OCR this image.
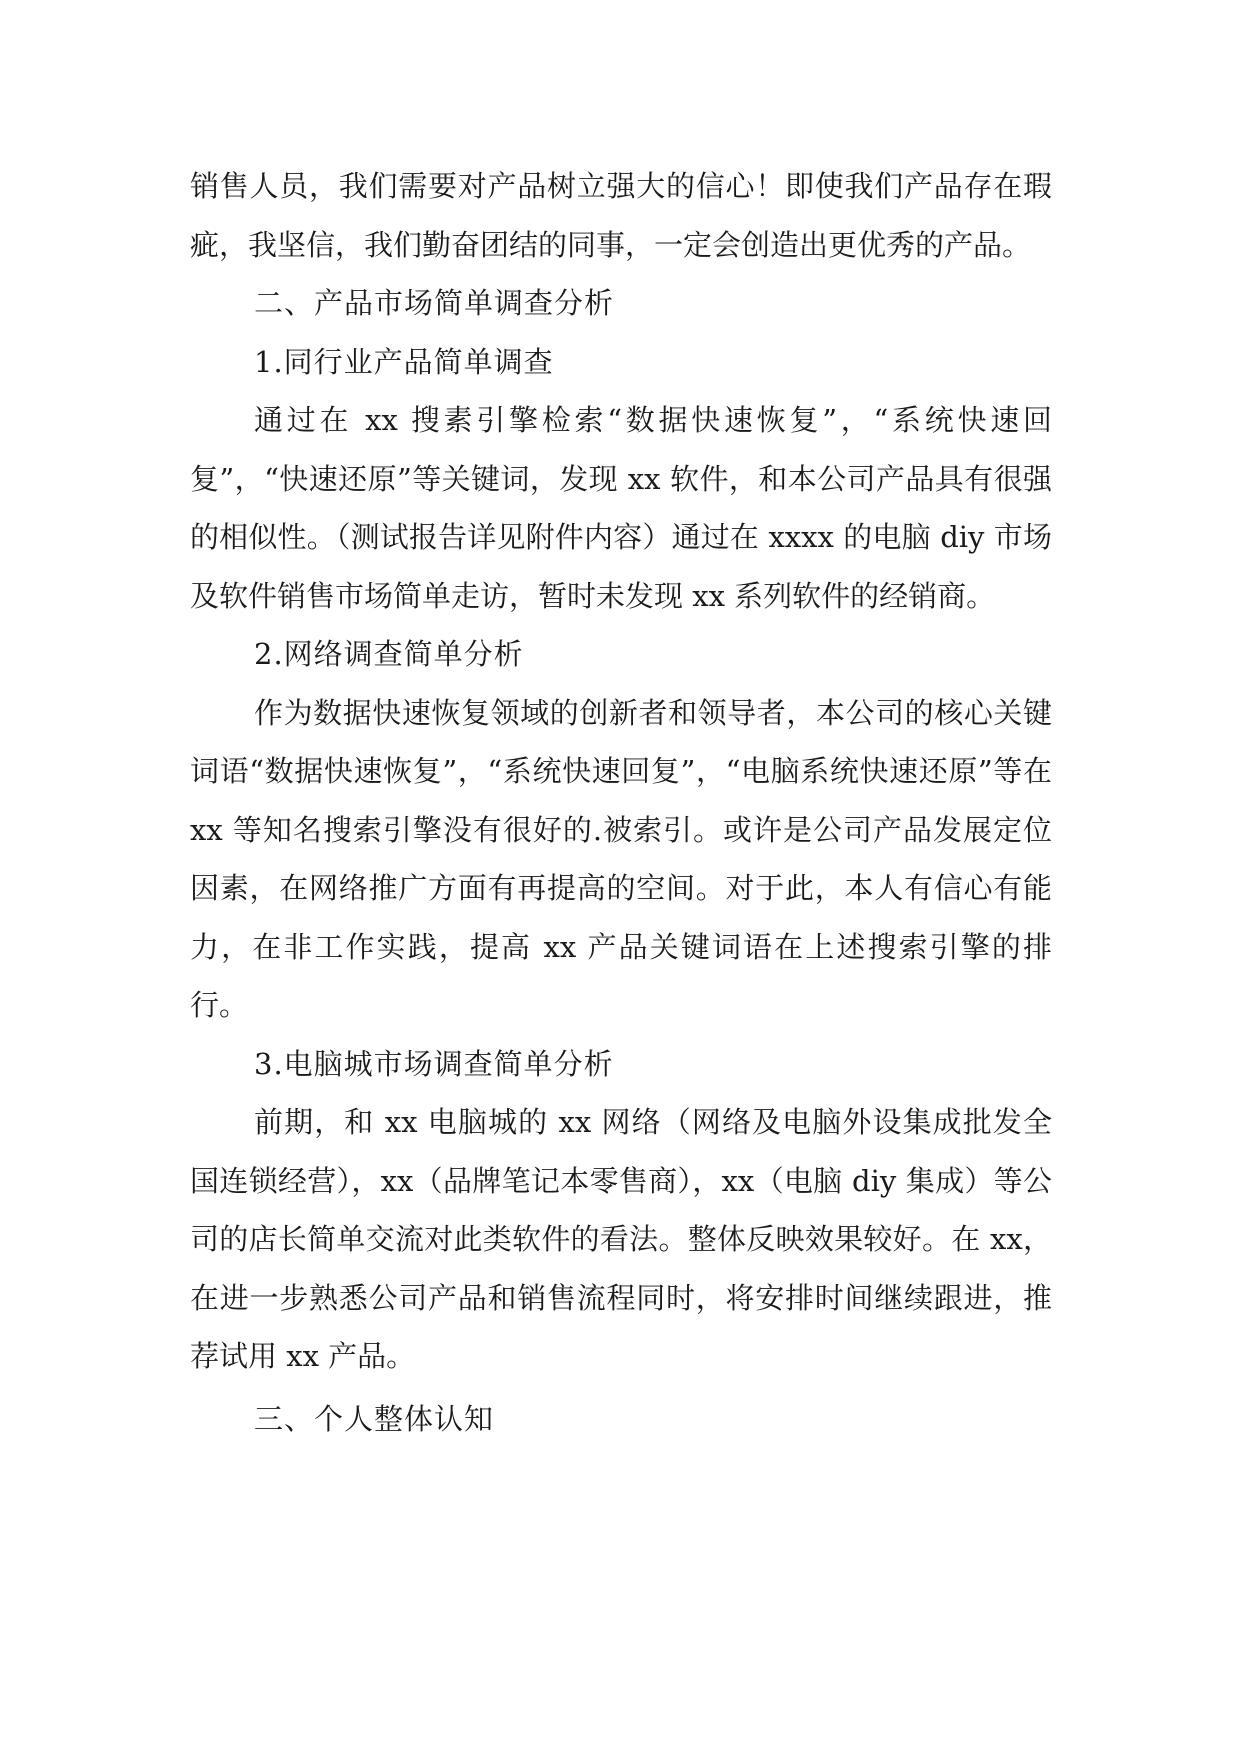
销售人员，我们需要对产品树立强大的信心！即使我们产品存在瑕疵，我坚信，我们勤奋团结的同事，一定会创造出更优秀的产品。

二、产品市场简单调查分析

1.同行业产品简单调查

通过在 xx 搜素引擎检索“数据快速恢复”，“系统快速回复”，“快速还原”等关键词，发现 xx 软件，和本公司产品具有很强的相似性。（测试报告详见附件内容）通过在 xxxx 的电脑 diy 市场及软件销售市场简单走访，暂时未发现 xx 系列软件的经销商。

2.网络调查简单分析

作为数据快速恢复领域的创新者和领导者，本公司的核心关键词语“数据快速恢复”，“系统快速回复”，“电脑系统快速还原”等在 xx 等知名搜索引擎没有很好的.被索引。或许是公司产品发展定位因素，在网络推广方面有再提高的空间。对于此，本人有信心有能力，在非工作实践，提高 xx 产品关键词语在上述搜索引擎的排行。

3.电脑城市场调查简单分析

前期，和 xx 电脑城的 xx 网络（网络及电脑外设集成批发全国连锁经营），xx（品牌笔记本零售商），xx（电脑 diy 集成）等公司的店长简单交流对此类软件的看法。整体反映效果较好。在 xx，在进一步熟悉公司产品和销售流程同时，将安排时间继续跟进，推荐试用 xx 产品。

三、个人整体认知
